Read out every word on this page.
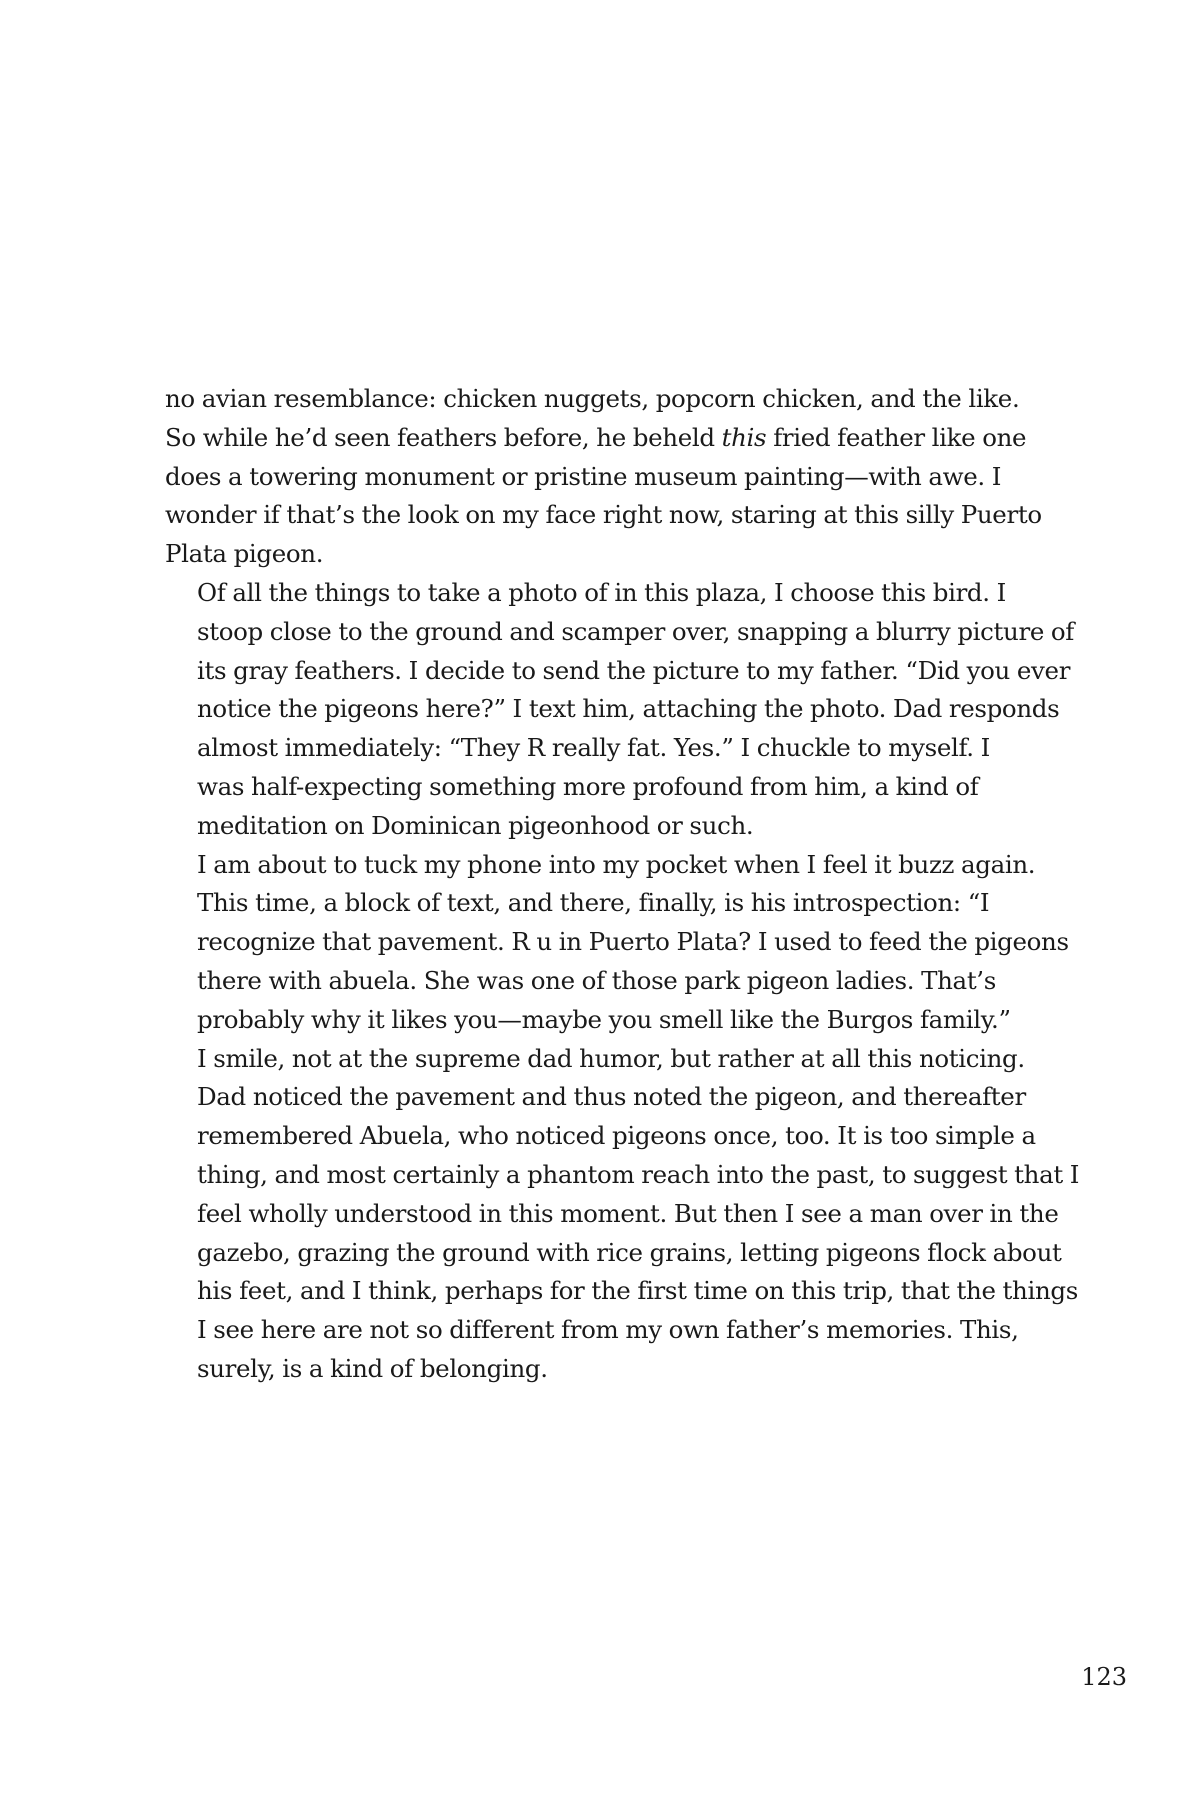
no avian resemblance: chicken nuggets, popcorn chicken, and the like.
So while he’d seen feathers before, he beheld this fried feather like one
does a towering monument or pristine museum painting—with awe. I
wonder if that’s the look on my face right now, staring at this silly Puerto
Plata pigeon.

Of all the things to take a photo of in this plaza, I choose this bird. I
stoop close to the ground and scamper over, snapping a blurry picture of
its gray feathers. I decide to send the picture to my father. “Did you ever
notice the pigeons here?” I text him, attaching the photo. Dad responds
almost immediately: “They R really fat. Yes.” I chuckle to myself. I
was half-expecting something more profound from him, a kind of
meditation on Dominican pigeonhood or such.

I am about to tuck my phone into my pocket when I feel it buzz again.
This time, a block of text, and there, finally, is his introspection: “I
recognize that pavement. R u in Puerto Plata? I used to feed the pigeons
there with abuela. She was one of those park pigeon ladies. That’s
probably why it likes you—maybe you smell like the Burgos family.”

I smile, not at the supreme dad humor, but rather at all this noticing.
Dad noticed the pavement and thus noted the pigeon, and thereafter
remembered Abuela, who noticed pigeons once, too. It is too simple a
thing, and most certainly a phantom reach into the past, to suggest that I
feel wholly understood in this moment. But then I see a man over in the
gazebo, grazing the ground with rice grains, letting pigeons flock about
his feet, and I think, perhaps for the first time on this trip, that the things
I see here are not so different from my own father’s memories. This,
surely, is a kind of belonging.

123
